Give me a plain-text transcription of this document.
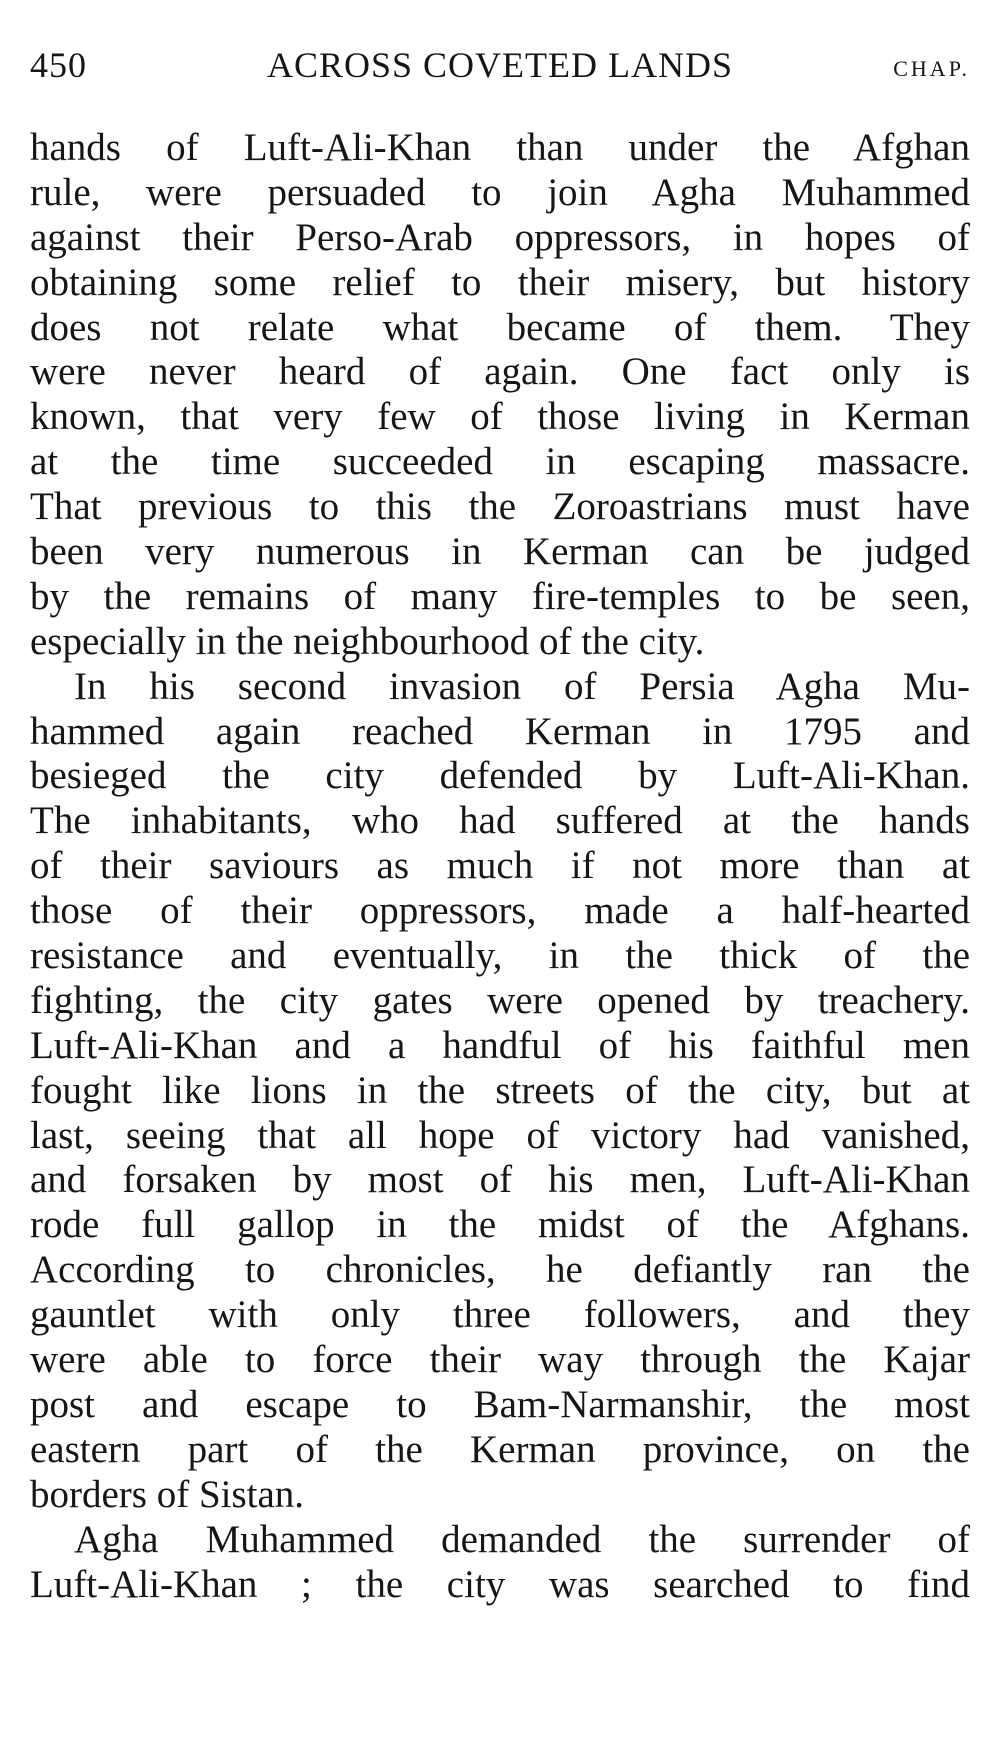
450	ACROSS COVETED LANDS	CHAP.
hands of Luft-Ali-Khan than under the Afghan
rule, were persuaded to join Agha Muhammed
against their Perso-Arab oppressors, in hopes of
obtaining some relief to their misery, but history
does not relate what became of them. They
were never heard of again. One fact only is
known, that very few of those living in Kerman
at the time succeeded in escaping massacre.
That previous to this the Zoroastrians must have
been very numerous in Kerman can be judged
by the remains of many fire-temples to be seen,
especially in the neighbourhood of the city.
In his second invasion of Persia Agha Mu-
hammed again reached Kerman in 1795 and
besieged the city defended by Luft-Ali-Khan.
The inhabitants, who had suffered at the hands
of their saviours as much if not more than at
those of their oppressors, made a half-hearted
resistance and eventually, in the thick of the
fighting, the city gates were opened by treachery.
Luft-Ali-Khan and a handful of his faithful men
fought like lions in the streets of the city, but at
last, seeing that all hope of victory had vanished,
and forsaken by most of his men, Luft-Ali-Khan
rode full gallop in the midst of the Afghans.
According to chronicles, he defiantly ran the
gauntlet with only three followers, and they
were able to force their way through the Kajar
post and escape to Bam-Narmanshir, the most
eastern part of the Kerman province, on the
borders of Sistan.
Agha Muhammed demanded the surrender of
Luft-Ali-Khan ; the city was searched to find
